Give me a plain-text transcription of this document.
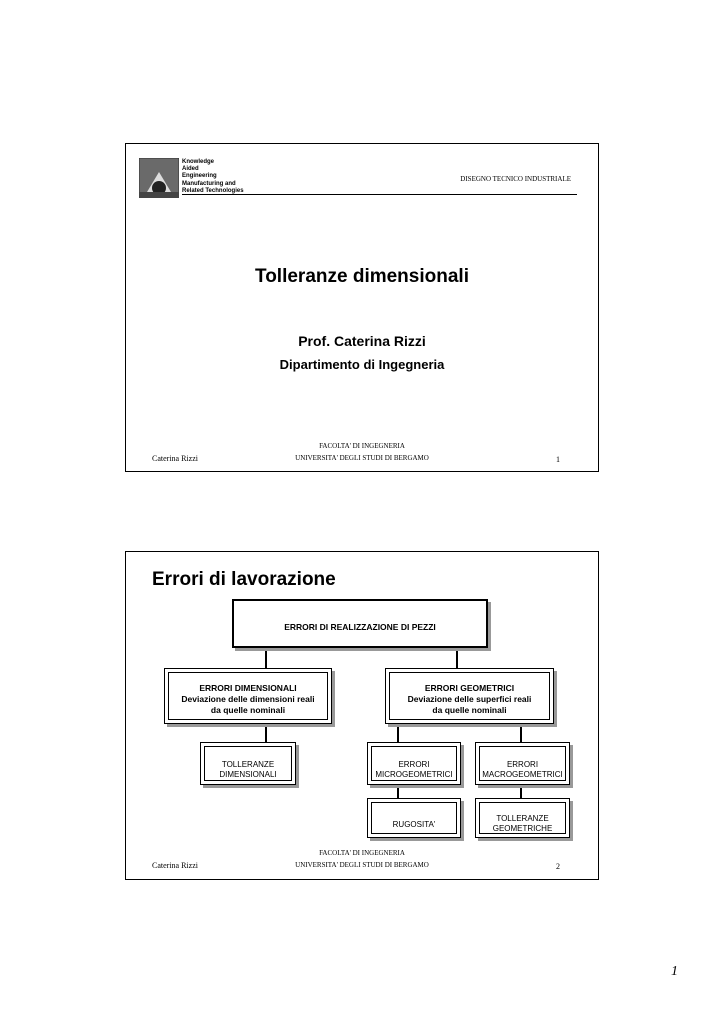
Knowledge
Aided
Engineering
Manufacturing and
Related Technologies
DISEGNO TECNICO INDUSTRIALE
Tolleranze dimensionali
Prof. Caterina Rizzi
Dipartimento di Ingegneria
FACOLTA' DI INGEGNERIA
UNIVERSITA' DEGLI STUDI DI BERGAMO
Caterina Rizzi	1
Errori di lavorazione
ERRORI DI REALIZZAZIONE DI PEZZI
ERRORI DIMENSIONALI
Deviazione delle dimensioni reali
da quelle nominali
ERRORI GEOMETRICI
Deviazione delle superfici reali
da quelle nominali
TOLLERANZE
DIMENSIONALI
ERRORI
MICROGEOMETRICI
ERRORI
MACROGEOMETRICI
RUGOSITA'
TOLLERANZE
GEOMETRICHE
FACOLTA' DI INGEGNERIA
UNIVERSITA' DEGLI STUDI DI BERGAMO
Caterina Rizzi	2
1
